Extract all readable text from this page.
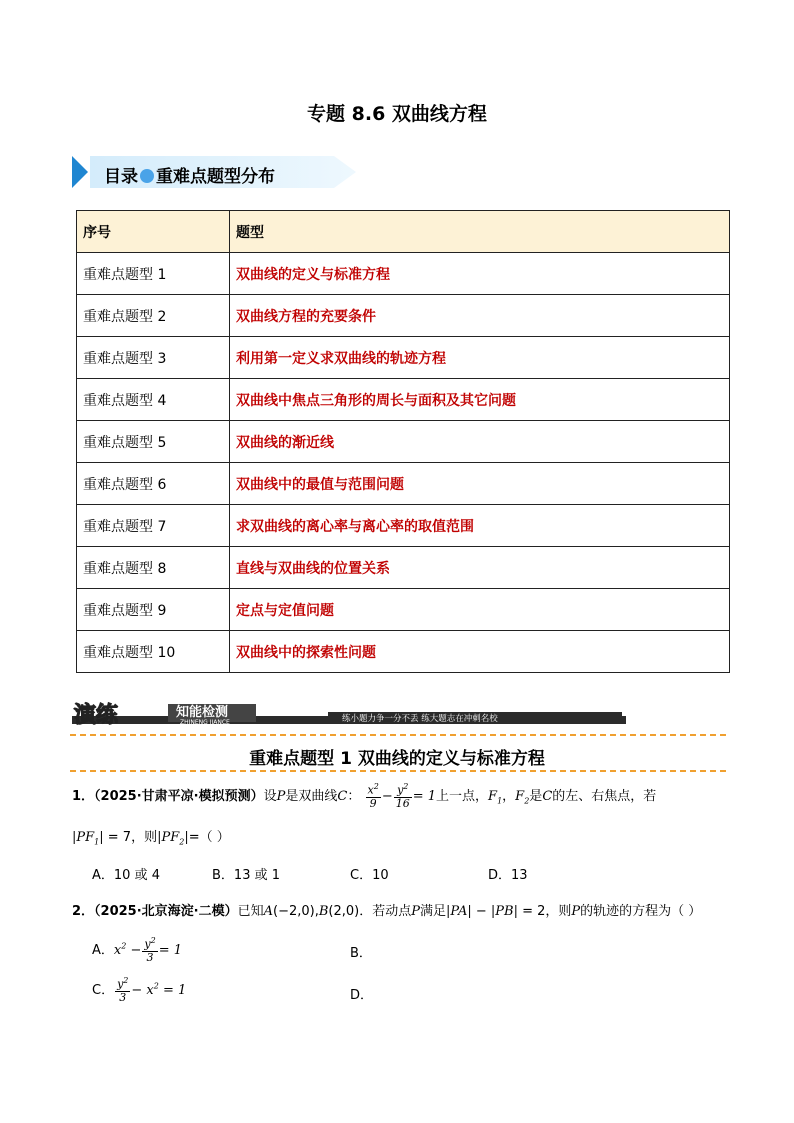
专题 8.6 双曲线方程
目录 重难点题型分布
序号	题型
重难点题型 1	双曲线的定义与标准方程
重难点题型 2	双曲线方程的充要条件
重难点题型 3	利用第一定义求双曲线的轨迹方程
重难点题型 4	双曲线中焦点三角形的周长与面积及其它问题
重难点题型 5	双曲线的渐近线
重难点题型 6	双曲线中的最值与范围问题
重难点题型 7	求双曲线的离心率与离心率的取值范围
重难点题型 8	直线与双曲线的位置关系
重难点题型 9	定点与定值问题
重难点题型 10	双曲线中的探索性问题
演练	知能检测
ZHINENG JIANCE	练小题力争一分不丢 练大题志在冲刺名校
重难点题型 1 双曲线的定义与标准方程
1．（2025·甘肃平凉·模拟预测）设P是双曲线C： $\frac{x^2}{9} - \frac{y^2}{16} = 1$上一点，$F_1$，$F_2$是C的左、右焦点，若
$|PF_1| = 7$，则$|PF_2|=$（ ）
A．10 或 4	B．13 或 1	C．10	D．13
2．（2025·北京海淀·二模）已知A(−2,0),B(2,0)．若动点P满足|PA| − |PB| = 2，则P的轨迹的方程为（ ）
A．$x^2 - \frac{y^2}{3} = 1$	B．
C． $\frac{y^2}{3} - x^2 = 1$	D．
